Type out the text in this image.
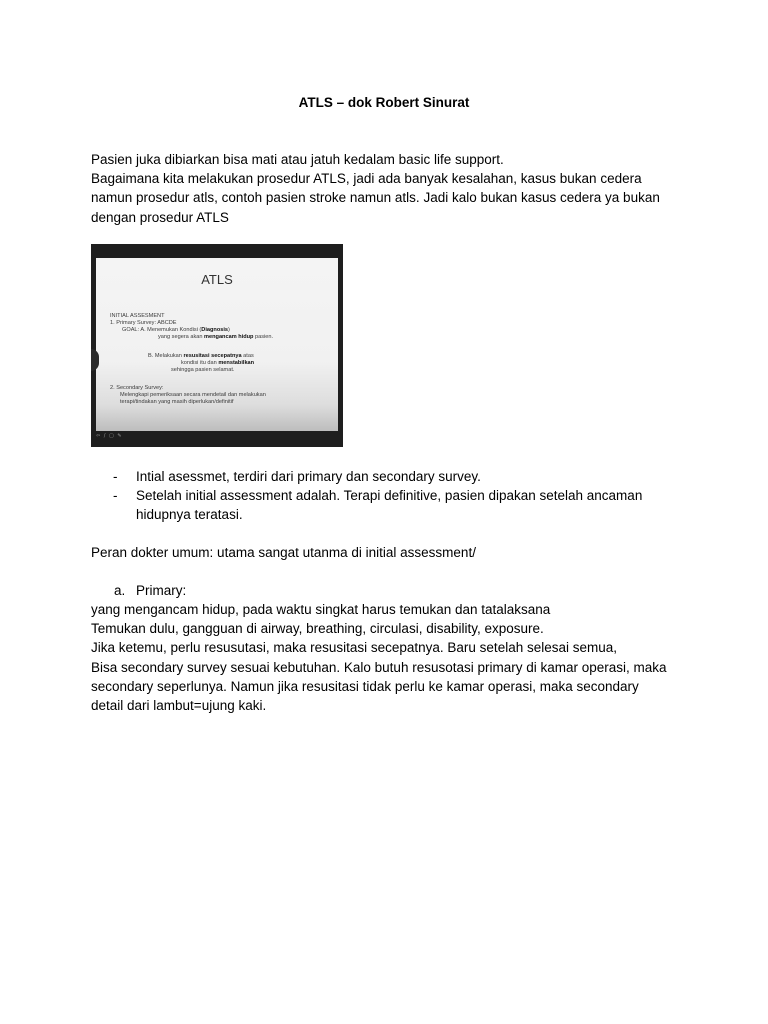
ATLS – dok Robert Sinurat

Pasien juka dibiarkan bisa mati atau jatuh kedalam basic life support.

Bagaimana kita melakukan prosedur ATLS, jadi ada banyak kesalahan, kasus bukan cedera

namun prosedur atls, contoh pasien stroke namun atls. Jadi kalo bukan kasus cedera ya bukan

dengan prosedur ATLS

ATLS
INITIAL ASSESMENT
1. Primary Survey: ABCDE
GOAL: A. Menemukan Kondisi (Diagnosis)
yang segera akan mengancam hidup pasien.
B. Melakukan resusitasi secepatnya atas
kondisi itu dan menstabilkan
sehingga pasien selamat.
2. Secondary Survey:
Melengkapi pemeriksaan secara mendetail dan melakukan
terapi/tindakan yang masih diperlukan/definitif
⇦ / ▢ ✎
- Intial asessmet, terdiri dari primary dan secondary survey.
- Setelah initial assessment adalah. Terapi definitive, pasien dipakan setelah ancaman
hidupnya teratasi.
Peran dokter umum: utama sangat utanma di initial assessment/
a. Primary:

yang mengancam hidup, pada waktu singkat harus temukan dan tatalaksana

Temukan dulu, gangguan di airway, breathing, circulasi, disability, exposure.

Jika ketemu, perlu resusutasi, maka resusitasi secepatnya. Baru setelah selesai semua,

Bisa secondary survey sesuai kebutuhan. Kalo butuh resusotasi primary di kamar operasi, maka

secondary seperlunya. Namun jika resusitasi tidak perlu ke kamar operasi, maka secondary

detail dari lambut=ujung kaki.
